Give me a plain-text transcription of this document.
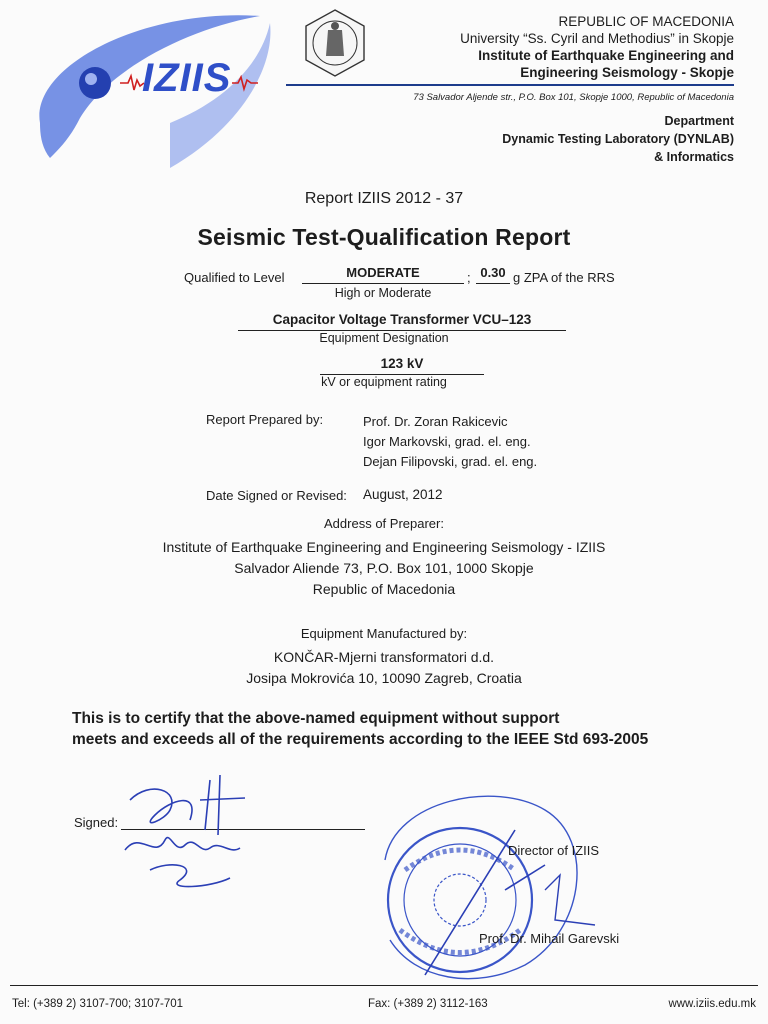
IZIIS
REPUBLIC OF MACEDONIA
University “Ss. Cyril and Methodius” in Skopje
Institute of Earthquake Engineering and
Engineering Seismology - Skopje
73 Salvador Aljende str., P.O. Box 101, Skopje 1000, Republic of Macedonia
Department
Dynamic Testing Laboratory (DYNLAB)
& Informatics
Report IZIIS 2012 - 37
Seismic Test-Qualification Report
Qualified to Level	MODERATE	; 0.30 g ZPA of the RRS
High or Moderate
Capacitor Voltage Transformer VCU–123
Equipment Designation
123 kV
kV or equipment rating
Report Prepared by:	Prof. Dr. Zoran Rakicevic
Igor Markovski, grad. el. eng.
Dejan Filipovski, grad. el. eng.
Date Signed or Revised: August, 2012
Address of Preparer:
Institute of Earthquake Engineering and Engineering Seismology - IZIIS
Salvador Aliende 73, P.O. Box 101, 1000 Skopje
Republic of Macedonia
Equipment Manufactured by:
KONČAR-Mjerni transformatori d.d.
Josipa Mokrovića 10, 10090 Zagreb, Croatia
This is to certify that the above-named equipment without support
meets and exceeds all of the requirements according to the IEEE Std 693-2005
Signed:
Director of IZIIS
Prof. Dr. Mihail Garevski
Tel: (+389 2) 3107-700; 3107-701	Fax: (+389 2) 3112-163	www.iziis.edu.mk
